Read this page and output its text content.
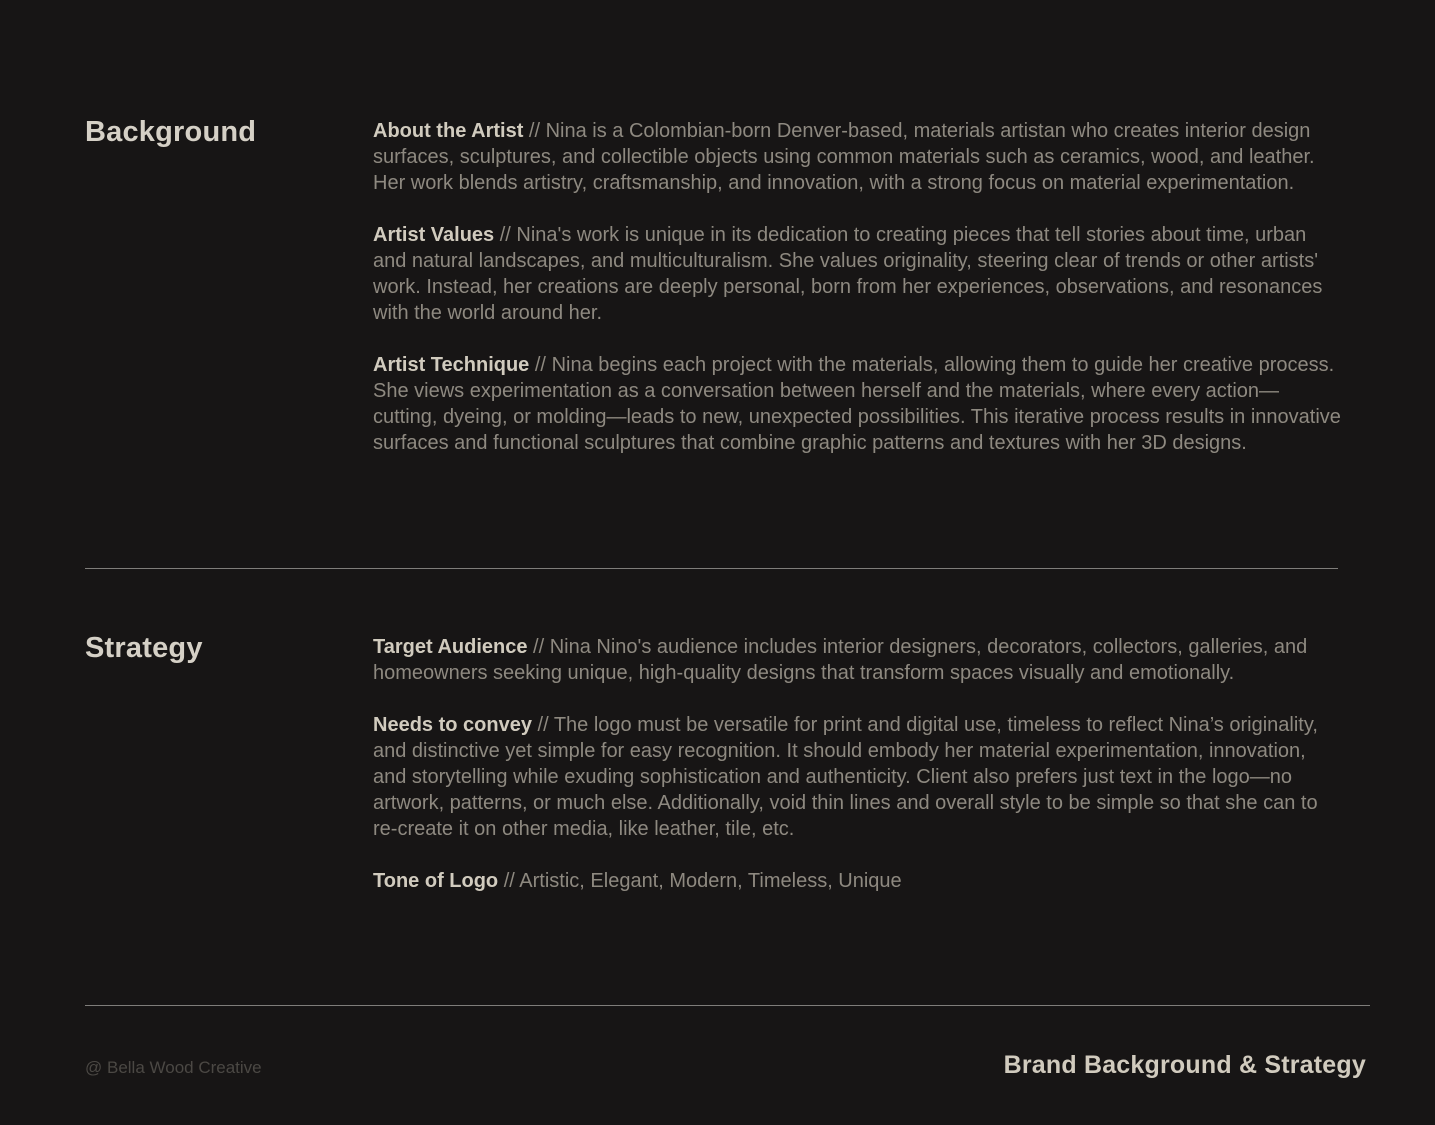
Background	About the Artist // Nina is a Colombian-born Denver-based, materials artistan who creates interior design surfaces, sculptures, and collectible objects using common materials such as ceramics, wood, and leather. Her work blends artistry, craftsmanship, and innovation, with a strong focus on material experimentation.

Artist Values // Nina's work is unique in its dedication to creating pieces that tell stories about time, urban and natural landscapes, and multiculturalism. She values originality, steering clear of trends or other artists' work. Instead, her creations are deeply personal, born from her experiences, observations, and resonances with the world around her.

Artist Technique // Nina begins each project with the materials, allowing them to guide her creative process. She views experimentation as a conversation between herself and the materials, where every action—cutting, dyeing, or molding—leads to new, unexpected possibilities. This iterative process results in innovative surfaces and functional sculptures that combine graphic patterns and textures with her 3D designs.

Strategy	Target Audience // Nina Nino's audience includes interior designers, decorators, collectors, galleries, and homeowners seeking unique, high-quality designs that transform spaces visually and emotionally.

Needs to convey // The logo must be versatile for print and digital use, timeless to reflect Nina’s originality, and distinctive yet simple for easy recognition. It should embody her material experimentation, innovation, and storytelling while exuding sophistication and authenticity. Client also prefers just text in the logo—no artwork, patterns, or much else. Additionally, void thin lines and overall style to be simple so that she can to re-create it on other media, like leather, tile, etc.

Tone of Logo // Artistic, Elegant, Modern, Timeless, Unique

@ Bella Wood Creative	Brand Background & Strategy
